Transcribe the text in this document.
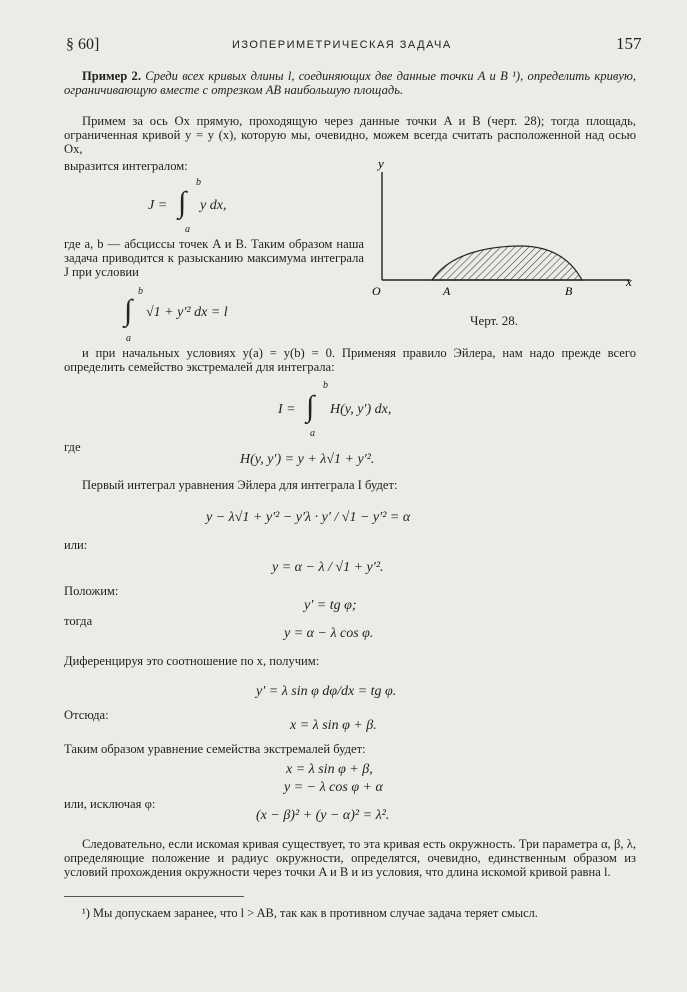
§ 60]	ИЗОПЕРИМЕТРИЧЕСКАЯ ЗАДАЧА	157
Пример 2. Среди всех кривых длины l, соединяющих две данные точки A и B ¹), определить кривую, ограничивающую вместе с отрезком AB наибольшую площадь.
Примем за ось Ox прямую, проходящую через данные точки A и B (черт. 28); тогда площадь, ограниченная кривой y = y (x), которую мы, очевидно, можем всегда считать расположенной над осью Ox,
выразится интегралом:
b
J = ∫ y dx,
a
где a, b — абсциссы точек A и B. Таким образом наша задача приводится к разысканию максимума интеграла J при условии
b
∫ √1 + y′² dx = l
a
y
O	A	B
x
Черт. 28.
и при начальных условиях y(a) = y(b) = 0. Применяя правило Эйлера, нам надо прежде всего определить семейство экстремалей для интеграла:
b
I = ∫ H(y, y′) dx,
a
где
H(y, y′) = y + λ√1 + y′².
Первый интеграл уравнения Эйлера для интеграла I будет:
y − λ√1 + y′² − y′λ · y′ / √1 − y′² = α
или:
y = α − λ / √1 + y′².
Положим:
y′ = tg φ;
тогда
y = α − λ cos φ.
Диференцируя это соотношение по x, получим:
y′ = λ sin φ dφ/dx = tg φ.
Отсюда:
x = λ sin φ + β.
Таким образом уравнение семейства экстремалей будет:
x = λ sin φ + β,
y = − λ cos φ + α
или, исключая φ:
(x − β)² + (y − α)² = λ².
Следовательно, если искомая кривая существует, то эта кривая есть окружность. Три параметра α, β, λ, определяющие положение и радиус окружности, определятся, очевидно, единственным образом из условий прохождения окружности через точки A и B и из условия, что длина искомой кривой равна l.
¹) Мы допускаем заранее, что l > AB, так как в противном случае задача теряет смысл.
